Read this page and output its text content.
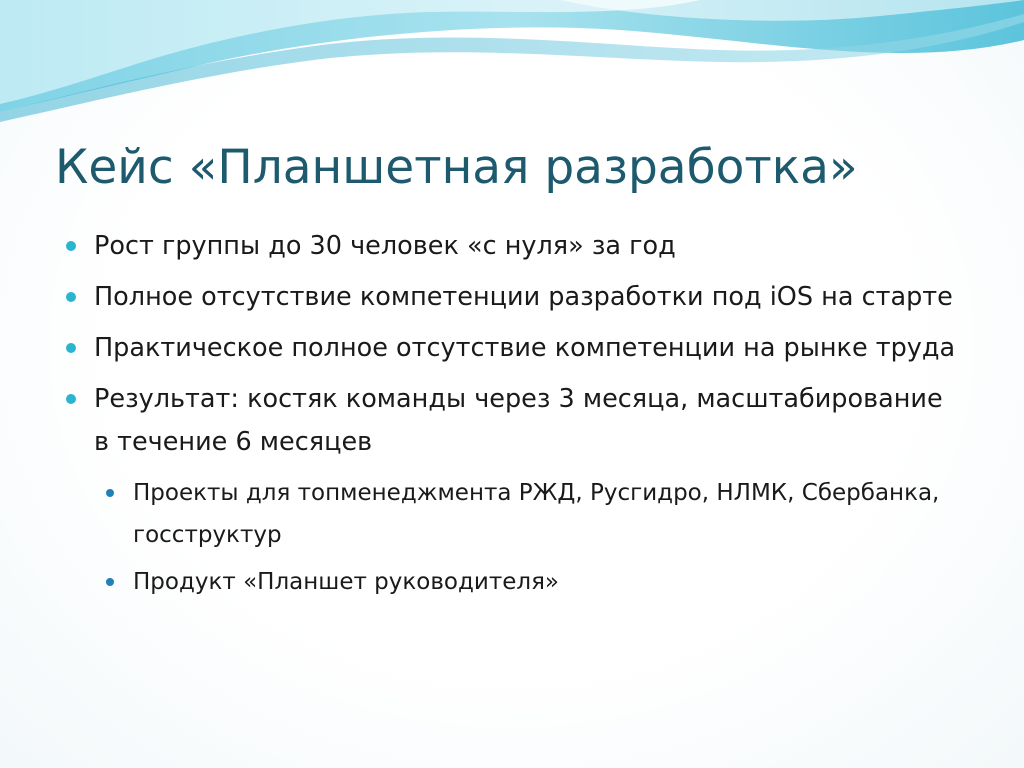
Кейс «Планшетная разработка»
Рост группы до 30 человек «с нуля» за год
Полное отсутствие компетенции разработки под iOS на старте
Практическое полное отсутствие компетенции на рынке труда
Результат: костяк команды через 3 месяца, масштабирование в течение 6 месяцев
Проекты для топменеджмента РЖД, Русгидро, НЛМК, Сбербанка, госструктур
Продукт «Планшет руководителя»
